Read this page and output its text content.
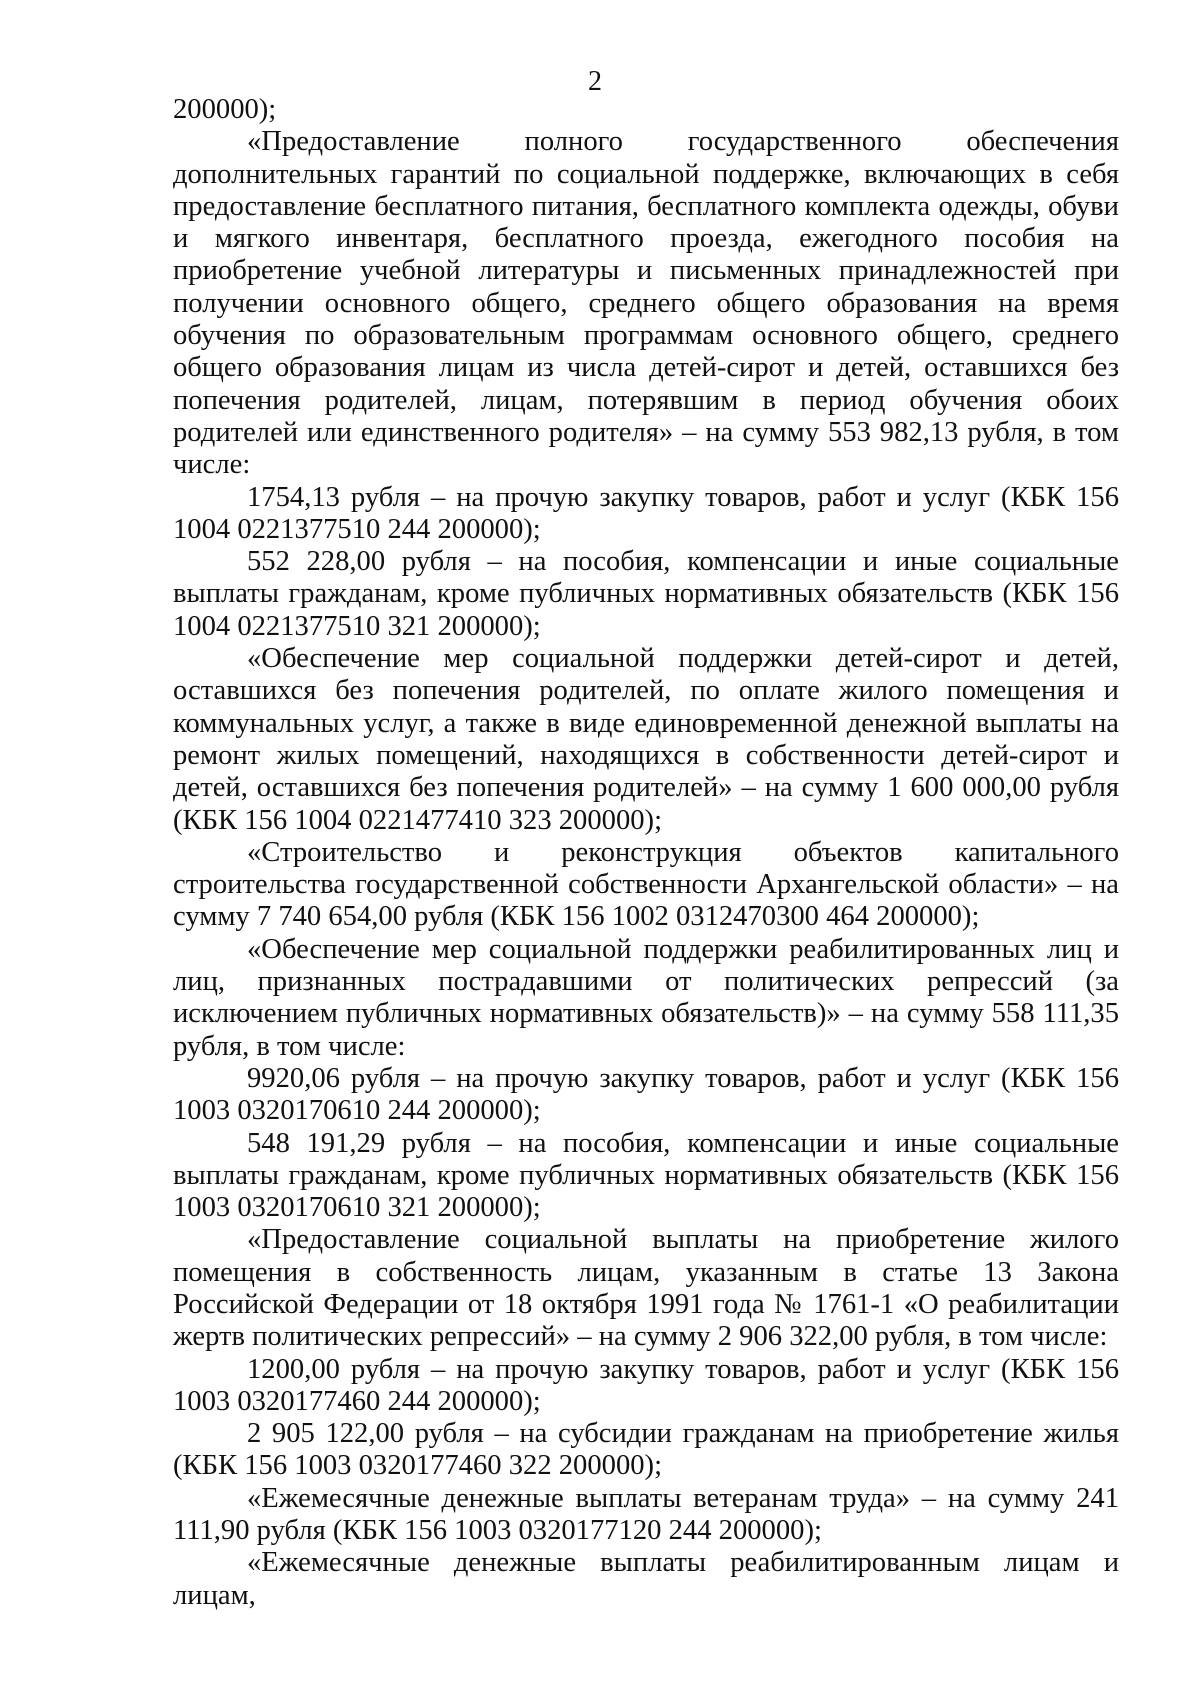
2

200000);

«Предоставление полного государственного обеспечения дополнительных гарантий по социальной поддержке, включающих в себя предоставление бесплатного питания, бесплатного комплекта одежды, обуви и мягкого инвентаря, бесплатного проезда, ежегодного пособия на приобретение учебной литературы и письменных принадлежностей при получении основного общего, среднего общего образования на время обучения по образовательным программам основного общего, среднего общего образования лицам из числа детей-сирот и детей, оставшихся без попечения родителей, лицам, потерявшим в период обучения обоих родителей или единственного родителя» – на сумму 553 982,13 рубля, в том числе:

1754,13 рубля – на прочую закупку товаров, работ и услуг (КБК 156 1004 0221377510 244 200000);

552 228,00 рубля – на пособия, компенсации и иные социальные выплаты гражданам, кроме публичных нормативных обязательств (КБК 156 1004 0221377510 321 200000);

«Обеспечение мер социальной поддержки детей-сирот и детей, оставшихся без попечения родителей, по оплате жилого помещения и коммунальных услуг, а также в виде единовременной денежной выплаты на ремонт жилых помещений, находящихся в собственности детей-сирот и детей, оставшихся без попечения родителей» – на сумму 1 600 000,00 рубля (КБК 156 1004 0221477410 323 200000);

«Строительство и реконструкция объектов капитального строительства государственной собственности Архангельской области» – на сумму 7 740 654,00 рубля (КБК 156 1002 0312470300 464 200000);

«Обеспечение мер социальной поддержки реабилитированных лиц и лиц, признанных пострадавшими от политических репрессий (за исключением публичных нормативных обязательств)» – на сумму 558 111,35 рубля, в том числе:

9920,06 рубля – на прочую закупку товаров, работ и услуг (КБК 156 1003 0320170610 244 200000);

548 191,29 рубля – на пособия, компенсации и иные социальные выплаты гражданам, кроме публичных нормативных обязательств (КБК 156 1003 0320170610 321 200000);

«Предоставление социальной выплаты на приобретение жилого помещения в собственность лицам, указанным в статье 13 Закона Российской Федерации от 18 октября 1991 года № 1761-1 «О реабилитации жертв политических репрессий» – на сумму 2 906 322,00 рубля, в том числе:

1200,00 рубля – на прочую закупку товаров, работ и услуг (КБК 156 1003 0320177460 244 200000);

2 905 122,00 рубля – на субсидии гражданам на приобретение жилья (КБК 156 1003 0320177460 322 200000);

«Ежемесячные денежные выплаты ветеранам труда» – на сумму 241 111,90 рубля (КБК 156 1003 0320177120 244 200000);

«Ежемесячные денежные выплаты реабилитированным лицам и лицам,
